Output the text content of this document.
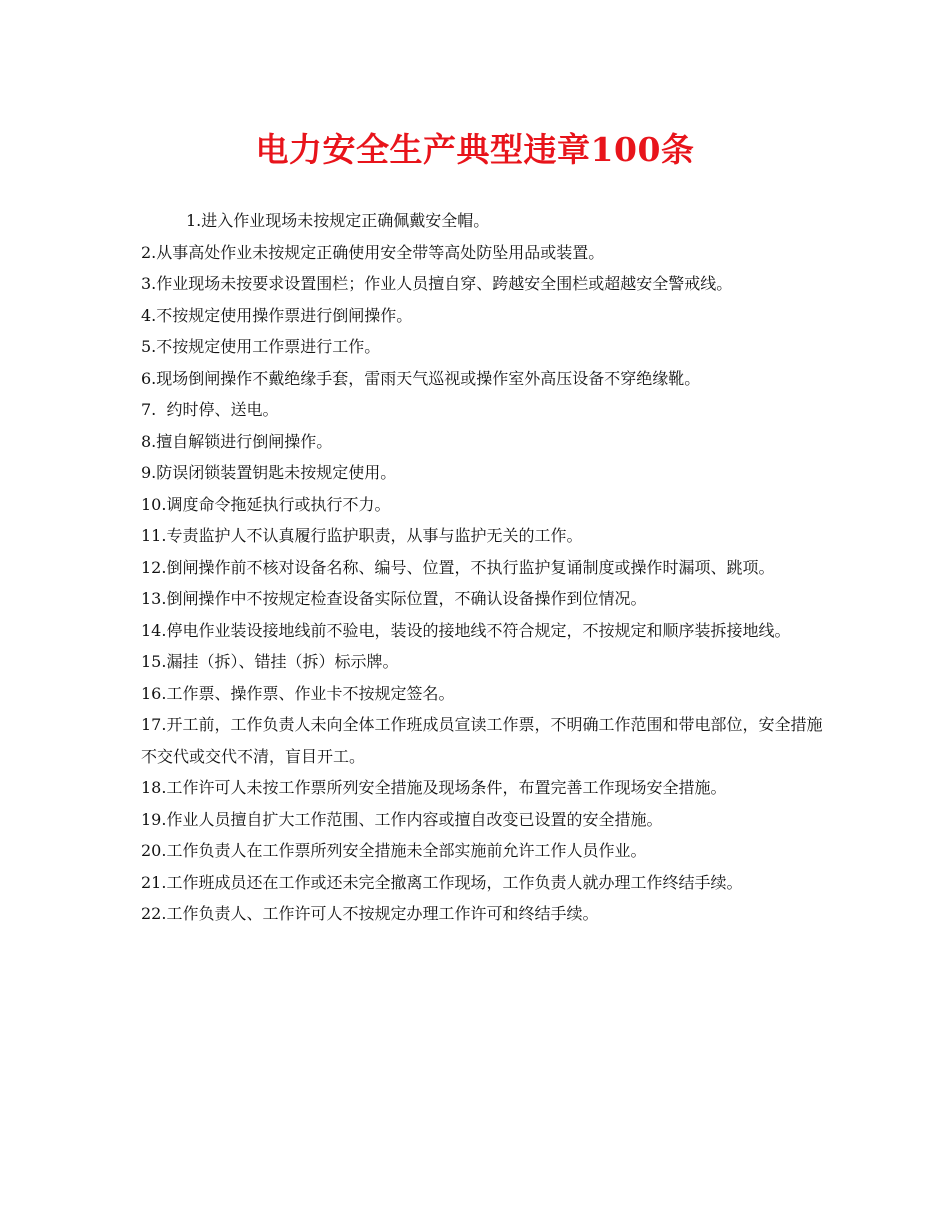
电力安全生产典型违章100条
1.进入作业现场未按规定正确佩戴安全帽。
2.从事高处作业未按规定正确使用安全带等高处防坠用品或装置。
3.作业现场未按要求设置围栏；作业人员擅自穿、跨越安全围栏或超越安全警戒线。
4.不按规定使用操作票进行倒闸操作。
5.不按规定使用工作票进行工作。
6.现场倒闸操作不戴绝缘手套，雷雨天气巡视或操作室外高压设备不穿绝缘靴。
7.  约时停、送电。
8.擅自解锁进行倒闸操作。
9.防误闭锁装置钥匙未按规定使用。
10.调度命令拖延执行或执行不力。
11.专责监护人不认真履行监护职责，从事与监护无关的工作。
12.倒闸操作前不核对设备名称、编号、位置，不执行监护复诵制度或操作时漏项、跳项。
13.倒闸操作中不按规定检查设备实际位置，不确认设备操作到位情况。
14.停电作业装设接地线前不验电，装设的接地线不符合规定，不按规定和顺序装拆接地线。
15.漏挂（拆）、错挂（拆）标示牌。
16.工作票、操作票、作业卡不按规定签名。
17.开工前，工作负责人未向全体工作班成员宣读工作票，不明确工作范围和带电部位，安全措施不交代或交代不清，盲目开工。
18.工作许可人未按工作票所列安全措施及现场条件，布置完善工作现场安全措施。
19.作业人员擅自扩大工作范围、工作内容或擅自改变已设置的安全措施。
20.工作负责人在工作票所列安全措施未全部实施前允许工作人员作业。
21.工作班成员还在工作或还未完全撤离工作现场，工作负责人就办理工作终结手续。
22.工作负责人、工作许可人不按规定办理工作许可和终结手续。
